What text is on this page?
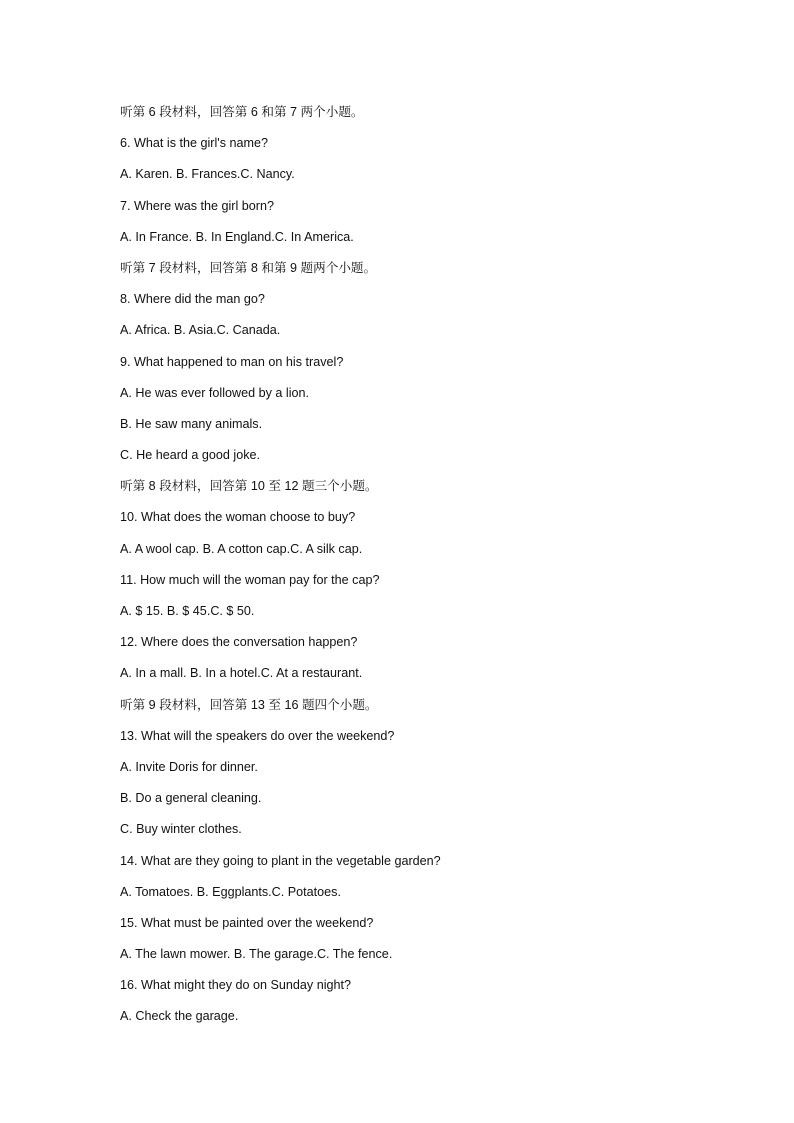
听第 6 段材料，回答第 6 和第 7 两个小题。
6. What is the girl's name?
A. Karen. B. Frances.C. Nancy.
7. Where was the girl born?
A. In France. B. In England.C. In America.
听第 7 段材料，回答第 8 和第 9 题两个小题。
8. Where did the man go?
A. Africa. B. Asia.C. Canada.
9. What happened to man on his travel?
A. He was ever followed by a lion.
B. He saw many animals.
C. He heard a good joke.
听第 8 段材料，回答第 10 至 12 题三个小题。
10. What does the woman choose to buy?
A. A wool cap. B. A cotton cap.C. A silk cap.
11. How much will the woman pay for the cap?
A. $ 15. B. $ 45.C. $ 50.
12. Where does the conversation happen?
A. In a mall. B. In a hotel.C. At a restaurant.
听第 9 段材料，回答第 13 至 16 题四个小题。
13. What will the speakers do over the weekend?
A. Invite Doris for dinner.
B. Do a general cleaning.
C. Buy winter clothes.
14. What are they going to plant in the vegetable garden?
A. Tomatoes. B. Eggplants.C. Potatoes.
15. What must be painted over the weekend?
A. The lawn mower. B. The garage.C. The fence.
16. What might they do on Sunday night?
A. Check the garage.
